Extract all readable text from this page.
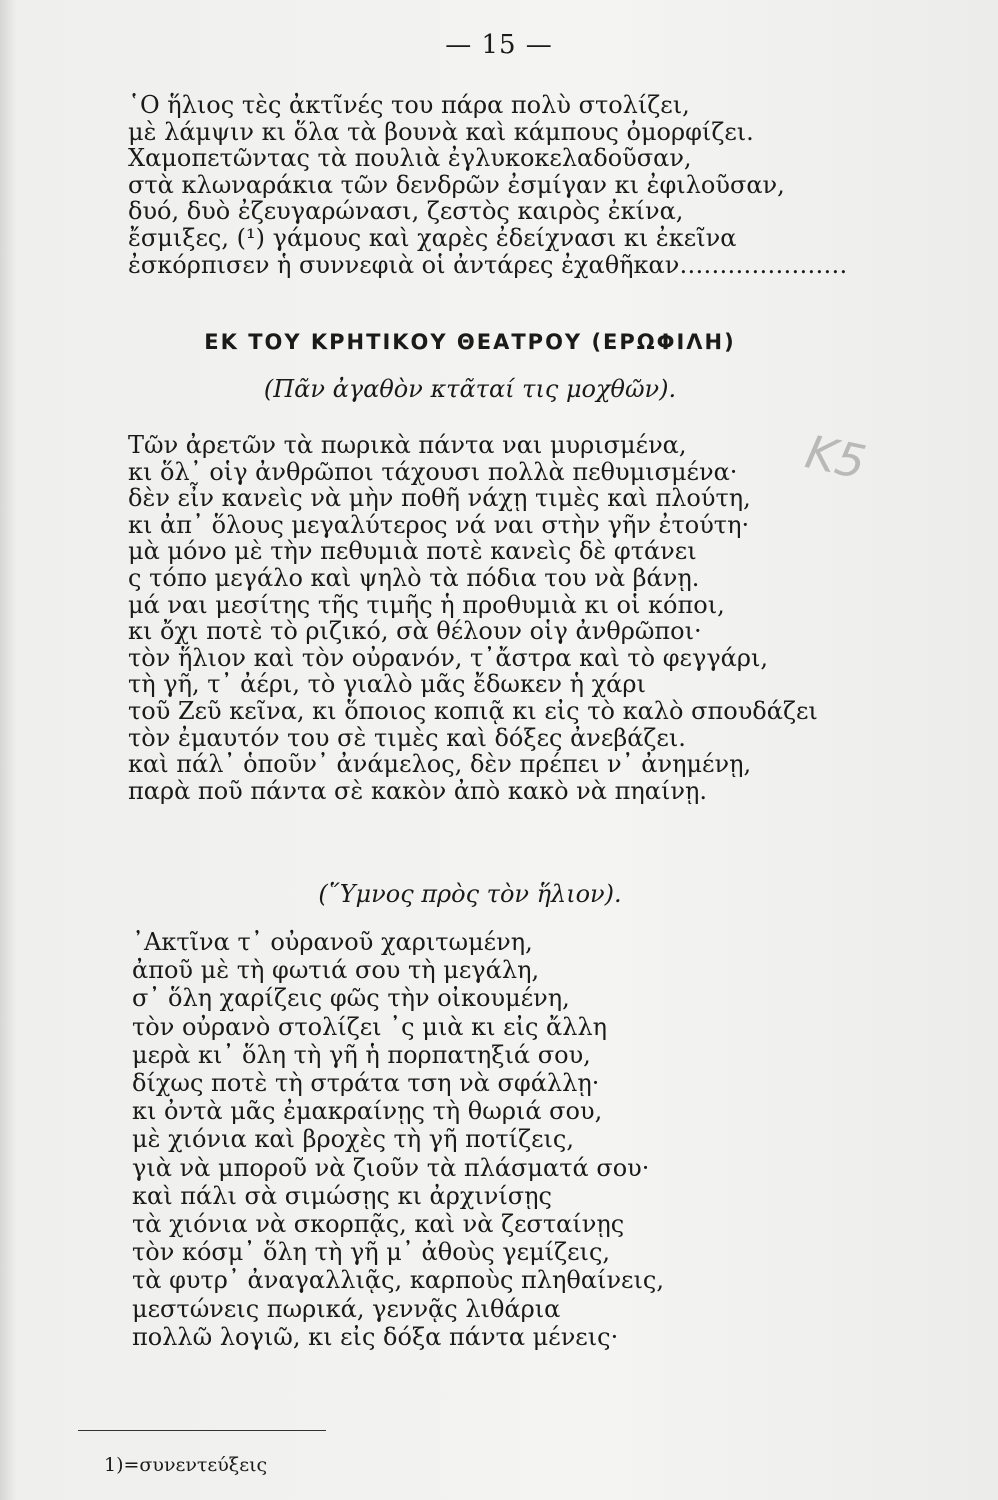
— 15 —
῾Ο ἥλιος τὲς ἀκτῖνές του πάρα πολὺ στολίζει,
μὲ λάμψιν κι ὅλα τὰ βουνὰ καὶ κάμπους ὀμορφίζει.
Χαμοπετῶντας τὰ πουλιὰ ἐγλυκοκελαδοῦσαν,
στὰ κλωναράκια τῶν δενδρῶν ἐσμίγαν κι ἐφιλοῦσαν,
δυό, δυὸ ἐζευγαρώνασι, ζεστὸς καιρὸς ἐκίνα,
ἔσμιξες, (¹) γάμους καὶ χαρὲς ἐδείχνασι κι ἐκεῖνα
ἐσκόρπισεν ἡ συννεφιὰ οἱ ἀντάρες ἐχαθῆκαν…………………
ΕΚ ΤΟΥ ΚΡΗΤΙΚΟΥ ΘΕΑΤΡΟΥ (ΕΡΩΦΙΛΗ)
(Πᾶν ἀγαθὸν κτᾶταί τις μοχθῶν).
K5
Τῶν ἀρετῶν τὰ πωρικὰ πάντα ναι μυρισμένα,
κι ὅλ᾽ οἱγ ἀνθρῶποι τάχουσι πολλὰ πεθυμισμένα·
δὲν εἶν κανεὶς νὰ μὴν ποθῆ νάχῃ τιμὲς καὶ πλούτη,
κι ἀπ᾽ ὅλους μεγαλύτερος νά ναι στὴν γῆν ἐτούτη·
μὰ μόνο μὲ τὴν πεθυμιὰ ποτὲ κανεὶς δὲ φτάνει
ς τόπο μεγάλο καὶ ψηλὸ τὰ πόδια του νὰ βάνῃ.
μά ναι μεσίτης τῆς τιμῆς ἡ προθυμιὰ κι οἱ κόποι,
κι ὄχι ποτὲ τὸ ριζικό, σὰ θέλουν οἱγ ἀνθρῶποι·
τὸν ἥλιον καὶ τὸν οὐρανόν, τ᾽ἄστρα καὶ τὸ φεγγάρι,
τὴ γῆ, τ᾽ ἀέρι, τὸ γιαλὸ μᾶς ἔδωκεν ἡ χάρι
τοῦ Ζεῦ κεῖνα, κι ὅποιος κοπιᾷ κι εἰς τὸ καλὸ σπουδάζει
τὸν ἐμαυτόν του σὲ τιμὲς καὶ δόξες ἀνεβάζει.
καὶ πάλ᾽ ὁποῦν᾽ ἀνάμελος, δὲν πρέπει ν᾽ ἀνημένῃ,
παρὰ ποῦ πάντα σὲ κακὸν ἀπὸ κακὸ νὰ πηαίνῃ.
(῞Υμνος πρὸς τὸν ἥλιον).
᾽Ακτῖνα τ᾽ οὐρανοῦ χαριτωμένη,
ἀποῦ μὲ τὴ φωτιά σου τὴ μεγάλη,
σ᾽ ὅλη χαρίζεις φῶς τὴν οἰκουμένη,
τὸν οὐρανὸ στολίζει ᾽ς μιὰ κι εἰς ἄλλη
μερὰ κι᾽ ὅλη τὴ γῆ ἡ πορπατηξιά σου,
δίχως ποτὲ τὴ στράτα τση νὰ σφάλλῃ·
κι ὀντὰ μᾶς ἐμακραίνῃς τὴ θωριά σου,
μὲ χιόνια καὶ βροχὲς τὴ γῆ ποτίζεις,
γιὰ νὰ μποροῦ νὰ ζιοῦν τὰ πλάσματά σου·
καὶ πάλι σὰ σιμώσῃς κι ἀρχινίσῃς
τὰ χιόνια νὰ σκορπᾷς, καὶ νὰ ζεσταίνῃς
τὸν κόσμ᾽ ὅλη τὴ γῆ μ᾽ ἀθοὺς γεμίζεις,
τὰ φυτρ᾽ ἀναγαλλιᾷς, καρποὺς πληθαίνεις,
μεστώνεις πωρικά, γεννᾷς λιθάρια
πολλῶ λογιῶ, κι εἰς δόξα πάντα μένεις·
1)=συνεντεύξεις
